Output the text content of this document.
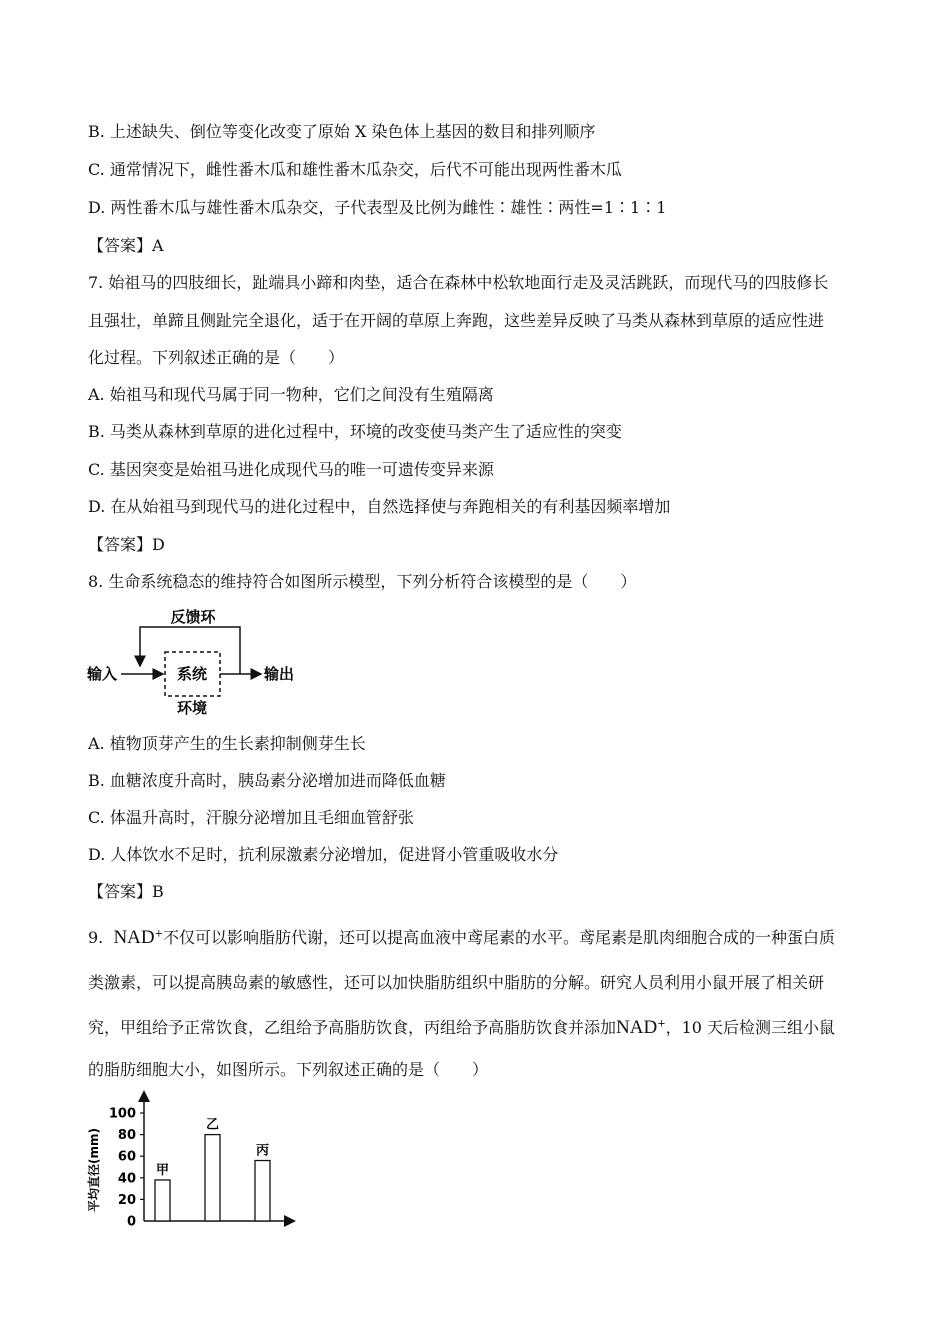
B. 上述缺失、倒位等变化改变了原始 X 染色体上基因的数目和排列顺序
C. 通常情况下，雌性番木瓜和雄性番木瓜杂交，后代不可能出现两性番木瓜
D. 两性番木瓜与雄性番木瓜杂交，子代表型及比例为雌性∶雄性∶两性=1∶1∶1
【答案】A
7. 始祖马的四肢细长，趾端具小蹄和肉垫，适合在森林中松软地面行走及灵活跳跃，而现代马的四肢修长
且强壮，单蹄且侧趾完全退化，适于在开阔的草原上奔跑，这些差异反映了马类从森林到草原的适应性进
化过程。下列叙述正确的是（　　）
A. 始祖马和现代马属于同一物种，它们之间没有生殖隔离
B. 马类从森林到草原的进化过程中，环境的改变使马类产生了适应性的突变
C. 基因突变是始祖马进化成现代马的唯一可遗传变异来源
D. 在从始祖马到现代马的进化过程中，自然选择使与奔跑相关的有利基因频率增加
【答案】D
8. 生命系统稳态的维持符合如图所示模型，下列分析符合该模型的是（　　）
反馈环
输入	系统	输出
环境
A. 植物顶芽产生的生长素抑制侧芽生长
B. 血糖浓度升高时，胰岛素分泌增加进而降低血糖
C. 体温升高时，汗腺分泌增加且毛细血管舒张
D. 人体饮水不足时，抗利尿激素分泌增加，促进肾小管重吸收水分
【答案】B
9. NAD+不仅可以影响脂肪代谢，还可以提高血液中鸢尾素的水平。鸢尾素是肌肉细胞合成的一种蛋白质
类激素，可以提高胰岛素的敏感性，还可以加快脂肪组织中脂肪的分解。研究人员利用小鼠开展了相关研
究，甲组给予正常饮食，乙组给予高脂肪饮食，丙组给予高脂肪饮食并添加NAD+，10 天后检测三组小鼠
的脂肪细胞大小，如图所示。下列叙述正确的是（　　）
平均直径(mm)
100
80
60
40
20
0
甲
乙
丙
